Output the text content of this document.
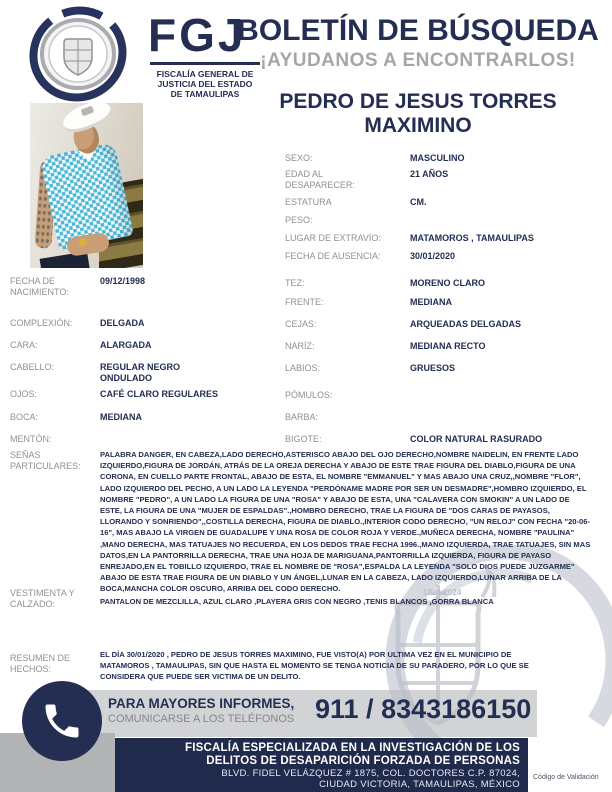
FGJ
FISCALÍA GENERAL DE
JUSTICIA DEL ESTADO
DE TAMAULIPAS
BOLETÍN DE BÚSQUEDA
¡AYUDANOS A ENCONTRARLOS!
PEDRO DE JESUS TORRES MAXIMINO
FECHA DE NACIMIENTO:
09/12/1998
COMPLEXIÓN:	DELGADA
CARA:	ALARGADA
CABELLO:	REGULAR NEGRO ONDULADO
OJOS:	CAFÉ CLARO REGULARES
BOCA:	MEDIANA
MENTÓN:
SEXO:	MASCULINO
EDAD AL DESAPARECER:
21 AÑOS
ESTATURA	CM.
PESO:
LUGAR DE EXTRAVÍO:	MATAMOROS , TAMAULIPAS
FECHA DE AUSENCIA:	30/01/2020
TEZ:	MORENO CLARO
FRENTE:	MEDIANA
CEJAS:	ARQUEADAS DELGADAS
NARÍZ:	MEDIANA RECTO
LABIOS:	GRUESOS
PÓMULOS:
BARBA:
BIGOTE:	COLOR NATURAL RASURADO
SEÑAS PARTICULARES:
PALABRA DANGER, EN CABEZA,LADO DERECHO,ASTERISCO ABAJO DEL OJO DERECHO,NOMBRE NAIDELIN, EN FRENTE LADO IZQUIERDO,FIGURA DE JORDÁN, ATRÁS DE LA OREJA DERECHA Y ABAJO DE ESTE TRAE FIGURA DEL DIABLO,FIGURA DE UNA CORONA, EN CUELLO PARTE FRONTAL, ABAJO DE ESTA, EL NOMBRE "EMMANUEL" Y MAS ABAJO UNA CRUZ,,NOMBRE "FLOR", LADO IZQUIERDO DEL PECHO, A UN LADO LA LEYENDA "PERDÓNAME MADRE POR SER UN DESMADRE",HOMBRO IZQUIERDO, EL NOMBRE "PEDRO", A UN LADO LA FIGURA DE UNA "ROSA" Y ABAJO DE ESTA, UNA "CALAVERA CON SMOKIN" A UN LADO DE ESTE, LA FIGURA DE UNA "MUJER DE ESPALDAS".,HOMBRO DERECHO, TRAE LA FIGURA DE "DOS CARAS DE PAYASOS, LLORANDO Y SONRIENDO",,COSTILLA DERECHA, FIGURA DE DIABLO.,INTERIOR CODO DERECHO, "UN RELOJ" CON FECHA "20-06-16", MAS ABAJO LA VIRGEN DE GUADALUPE Y UNA ROSA DE COLOR ROJA Y VERDE.,MUÑECA DERECHA, NOMBRE "PAULINA" ,MANO DERECHA, MAS TATUAJES NO RECUERDA, EN LOS DEDOS TRAE FECHA 1996.,MANO IZQUIERDA, TRAE TATUAJES, SIN MAS DATOS,EN LA PANTORRILLA DERECHA, TRAE UNA HOJA DE MARIGUANA,PANTORRILLA IZQUIERDA, FIGURA DE PAYASO ENREJADO,EN EL TOBILLO IZQUIERDO, TRAE EL NOMBRE DE "ROSA",ESPALDA LA LEYENDA "SOLO DIOS PUEDE JUZGARME" ABAJO DE ESTA TRAE FIGURA DE UN DIABLO Y UN ÁNGEL,LUNAR EN LA CABEZA, LADO IZQUIERDO,LUNAR ARRIBA DE LA BOCA,MANCHA COLOR OSCURO, ARRIBA DEL CODO DERECHO.
VESTIMENTA Y CALZADO:	PANTALON DE MEZCLILLA, AZUL CLARO ,PLAYERA GRIS CON NEGRO ,TENIS BLANCOS ,GORRA BLANCA
RESUMEN DE HECHOS:
EL DÍA 30/01/2020 , PEDRO DE JESUS TORRES MAXIMINO, FUE VISTO(A) POR ULTIMA VEZ EN EL MUNICIPIO DE MATAMOROS , TAMAULIPAS, SIN QUE HASTA EL MOMENTO SE TENGA NOTICIA DE SU PARADERO, POR LO QUE SE CONSIDERA QUE PUEDE SER VICTIMA DE UN DELITO.
1824-2024
PARA MAYORES INFORMES,
COMUNICARSE A LOS TELÉFONOS 911 / 8343186150
FISCALÍA ESPECIALIZADA EN LA INVESTIGACIÓN DE LOS
DELITOS DE DESAPARICIÓN FORZADA DE PERSONAS
BLVD. FIDEL VELÁZQUEZ # 1875, COL. DOCTORES C.P. 87024,
CIUDAD VICTORIA, TAMAULIPAS, MÉXICO
Código de Validación
